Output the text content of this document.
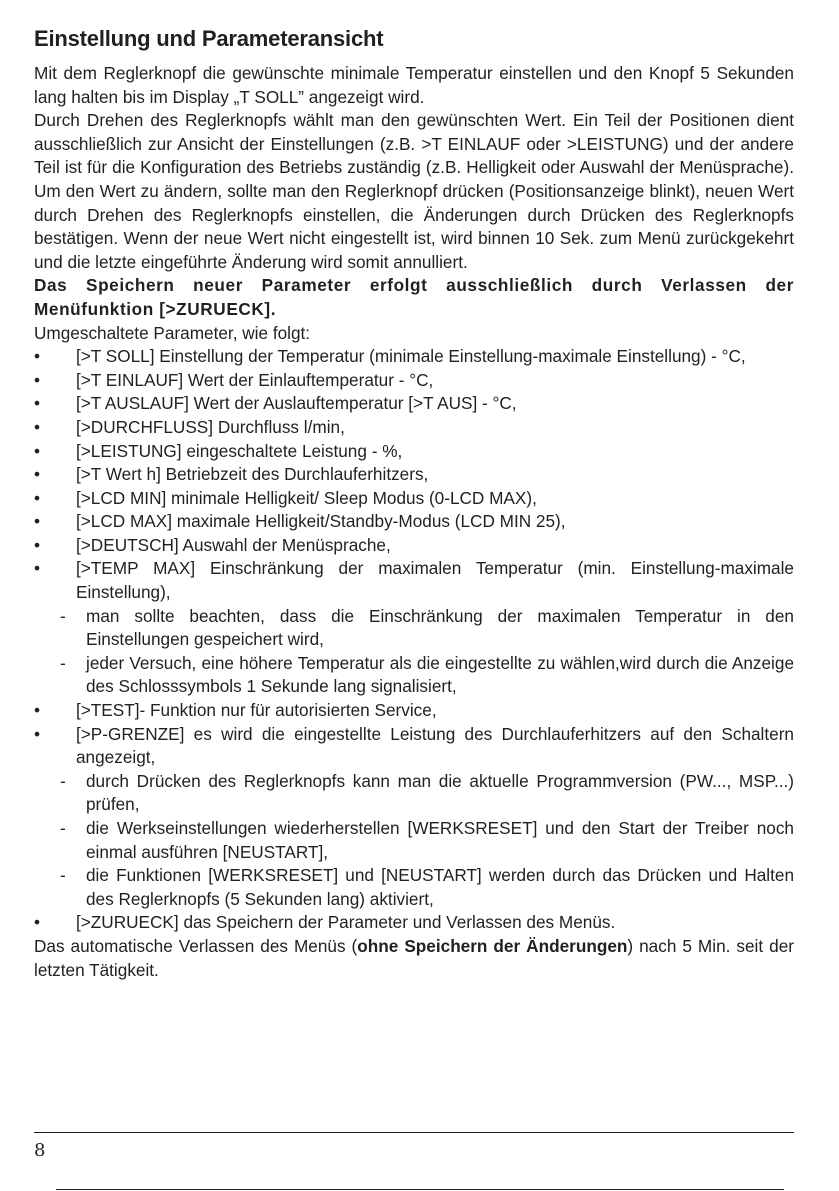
Einstellung und Parameteransicht

Mit dem Reglerknopf die gewünschte minimale Temperatur einstellen und den Knopf 5 Sekunden lang halten bis im Display „T SOLL” angezeigt wird.

Durch Drehen des Reglerknopfs wählt man den gewünschten Wert. Ein Teil der Positionen dient ausschließlich zur Ansicht der Einstellungen (z.B. >T EINLAUF oder >LEISTUNG) und der andere Teil ist für die Konfiguration des Betriebs zuständig (z.B. Helligkeit oder Auswahl der Menüsprache). Um den Wert zu ändern, sollte man den Reglerknopf drücken (Positionsanzeige blinkt), neuen Wert durch Drehen des Reglerknopfs einstellen, die Änderungen durch Drücken des Reglerknopfs bestätigen. Wenn der neue Wert nicht eingestellt ist, wird binnen 10 Sek. zum Menü zurückgekehrt und die letzte eingeführte Änderung wird somit annulliert.

Das Speichern neuer Parameter erfolgt ausschließlich durch Verlassen der Menüfunktion [>ZURUECK].

Umgeschaltete Parameter, wie folgt:

•	[>T SOLL] Einstellung der Temperatur (minimale Einstellung-maximale Einstellung) - °C,
•	[>T EINLAUF] Wert der Einlauftemperatur - °C,
•	[>T AUSLAUF] Wert der Auslauftemperatur [>T AUS] - °C,
•	[>DURCHFLUSS] Durchfluss l/min,
•	[>LEISTUNG] eingeschaltete Leistung - %,
•	[>T Wert h] Betriebzeit des Durchlauferhitzers,
•	[>LCD MIN] minimale Helligkeit/ Sleep Modus (0-LCD MAX),
•	[>LCD MAX] maximale Helligkeit/Standby-Modus (LCD MIN 25),
•	[>DEUTSCH] Auswahl der Menüsprache,
•	[>TEMP MAX] Einschränkung der maximalen Temperatur (min. Einstellung-maximale Einstellung),
- man sollte beachten, dass die Einschränkung der maximalen Temperatur in den Einstellungen gespeichert wird,
- jeder Versuch, eine höhere Temperatur als die eingestellte zu wählen,wird durch die Anzeige des Schlosssymbols 1 Sekunde lang signalisiert,
•	[>TEST]- Funktion nur für autorisierten Service,
•	[>P-GRENZE] es wird die eingestellte Leistung des Durchlauferhitzers auf den Schaltern angezeigt,
- durch Drücken des Reglerknopfs kann man die aktuelle Programmversion (PW..., MSP...) prüfen,
- die Werkseinstellungen wiederherstellen [WERKSRESET] und den Start der Treiber noch einmal ausführen [NEUSTART],
- die Funktionen [WERKSRESET] und [NEUSTART] werden durch das Drücken und Halten des Reglerknopfs (5 Sekunden lang) aktiviert,
•	[>ZURUECK] das Speichern der Parameter und Verlassen des Menüs.

Das automatische Verlassen des Menüs (ohne Speichern der Änderungen) nach 5 Min. seit der letzten Tätigkeit.

8
